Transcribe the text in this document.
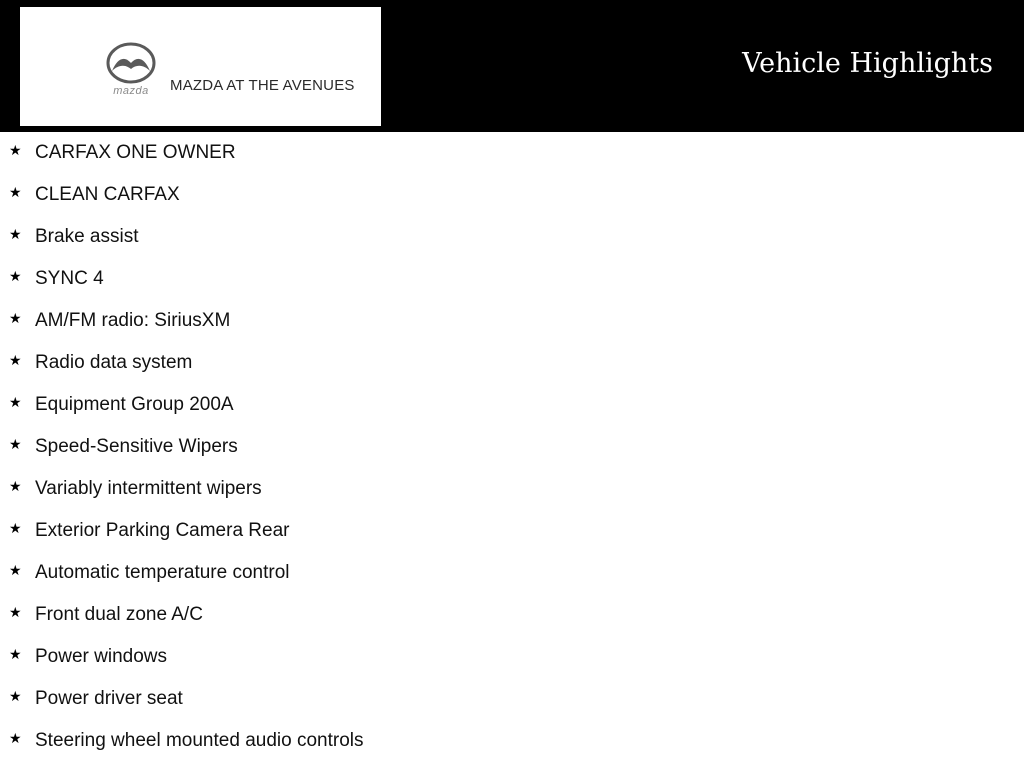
mazda	MAZDA AT THE AVENUES
Vehicle Highlights
★ CARFAX ONE OWNER
★ CLEAN CARFAX
★ Brake assist
★ SYNC 4
★ AM/FM radio: SiriusXM
★ Radio data system
★ Equipment Group 200A
★ Speed-Sensitive Wipers
★ Variably intermittent wipers
★ Exterior Parking Camera Rear
★ Automatic temperature control
★ Front dual zone A/C
★ Power windows
★ Power driver seat
★ Steering wheel mounted audio controls
